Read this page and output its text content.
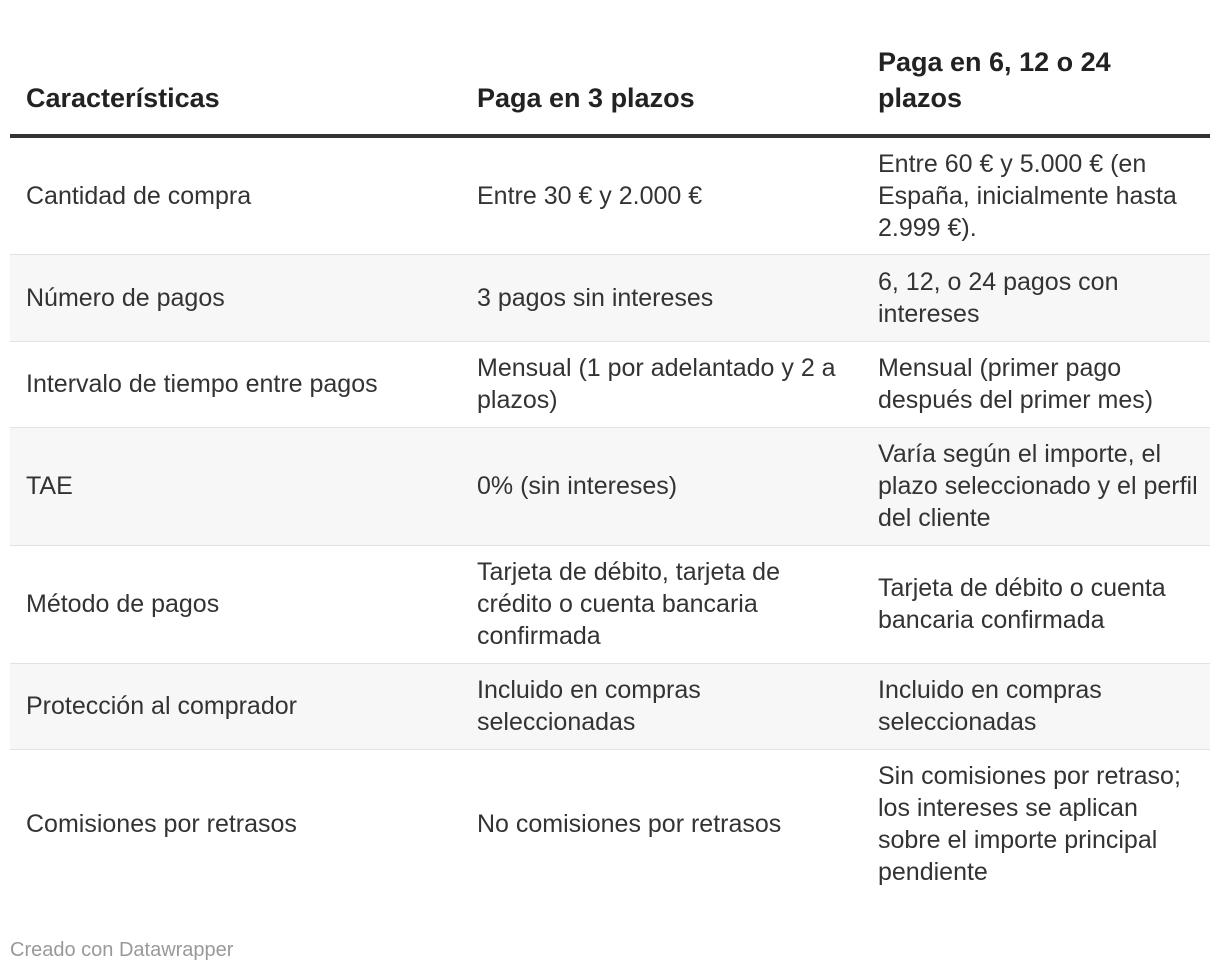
Características	Paga en 3 plazos	Paga en 6, 12 o 24 plazos
Cantidad de compra	Entre 30 € y 2.000 €	Entre 60 € y 5.000 € (en España, inicialmente hasta 2.999 €).
Número de pagos	3 pagos sin intereses	6, 12, o 24 pagos con intereses
Intervalo de tiempo entre pagos	Mensual (1 por adelantado y 2 a plazos)	Mensual (primer pago después del primer mes)
TAE	0% (sin intereses)	Varía según el importe, el plazo seleccionado y el perfil del cliente
Método de pagos	Tarjeta de débito, tarjeta de crédito o cuenta bancaria confirmada	Tarjeta de débito o cuenta bancaria confirmada
Protección al comprador	Incluido en compras seleccionadas	Incluido en compras seleccionadas
Comisiones por retrasos	No comisiones por retrasos	Sin comisiones por retraso; los intereses se aplican sobre el importe principal pendiente
Creado con Datawrapper
